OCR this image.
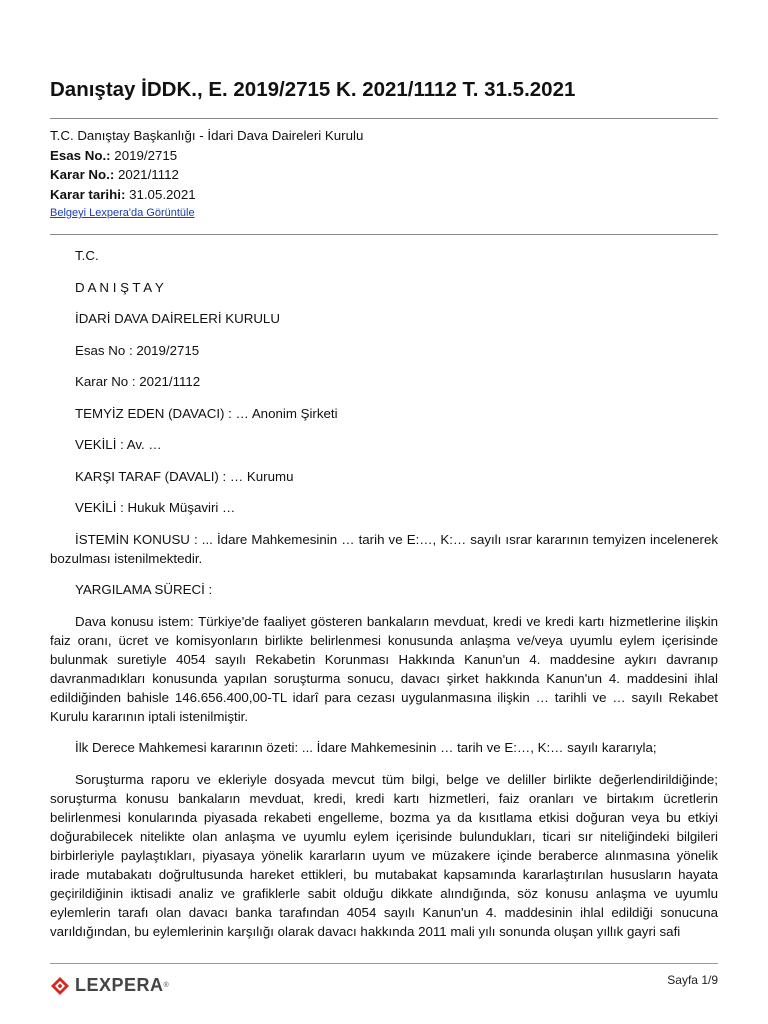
Danıştay İDDK., E. 2019/2715 K. 2021/1112 T. 31.5.2021
T.C. Danıştay Başkanlığı - İdari Dava Daireleri Kurulu
Esas No.: 2019/2715
Karar No.: 2021/1112
Karar tarihi: 31.05.2021
Belgeyi Lexpera'da Görüntüle

T.C.

D A N I Ş T A Y

İDARİ DAVA DAİRELERİ KURULU

Esas No : 2019/2715

Karar No : 2021/1112

TEMYİZ EDEN (DAVACI) : … Anonim Şirketi

VEKİLİ : Av. …

KARŞI TARAF (DAVALI) : … Kurumu

VEKİLİ : Hukuk Müşaviri …

İSTEMİN KONUSU : ... İdare Mahkemesinin … tarih ve E:…, K:… sayılı ısrar kararının temyizen incelenerek bozulması istenilmektedir.

YARGILAMA SÜRECİ :

Dava konusu istem: Türkiye'de faaliyet gösteren bankaların mevduat, kredi ve kredi kartı hizmetlerine ilişkin faiz oranı, ücret ve komisyonların birlikte belirlenmesi konusunda anlaşma ve/veya uyumlu eylem içerisinde bulunmak suretiyle 4054 sayılı Rekabetin Korunması Hakkında Kanun'un 4. maddesine aykırı davranıp davranmadıkları konusunda yapılan soruşturma sonucu, davacı şirket hakkında Kanun'un 4. maddesini ihlal edildiğinden bahisle 146.656.400,00-TL idarî para cezası uygulanmasına ilişkin … tarihli ve … sayılı Rekabet Kurulu kararının iptali istenilmiştir.

İlk Derece Mahkemesi kararının özeti: ... İdare Mahkemesinin … tarih ve E:…, K:… sayılı kararıyla;

Soruşturma raporu ve ekleriyle dosyada mevcut tüm bilgi, belge ve deliller birlikte değerlendirildiğinde; soruşturma konusu bankaların mevduat, kredi, kredi kartı hizmetleri, faiz oranları ve birtakım ücretlerin belirlenmesi konularında piyasada rekabeti engelleme, bozma ya da kısıtlama etkisi doğuran veya bu etkiyi doğurabilecek nitelikte olan anlaşma ve uyumlu eylem içerisinde bulundukları, ticari sır niteliğindeki bilgileri birbirleriyle paylaştıkları, piyasaya yönelik kararların uyum ve müzakere içinde beraberce alınmasına yönelik irade mutabakatı doğrultusunda hareket ettikleri, bu mutabakat kapsamında kararlaştırılan hususların hayata geçirildiğinin iktisadi analiz ve grafiklerle sabit olduğu dikkate alındığında, söz konusu anlaşma ve uyumlu eylemlerin tarafı olan davacı banka tarafından 4054 sayılı Kanun'un 4. maddesinin ihlal edildiği sonucuna varıldığından, bu eylemlerinin karşılığı olarak davacı hakkında 2011 mali yılı sonunda oluşan yıllık gayri safi

LEXPERA ®	Sayfa 1/9
